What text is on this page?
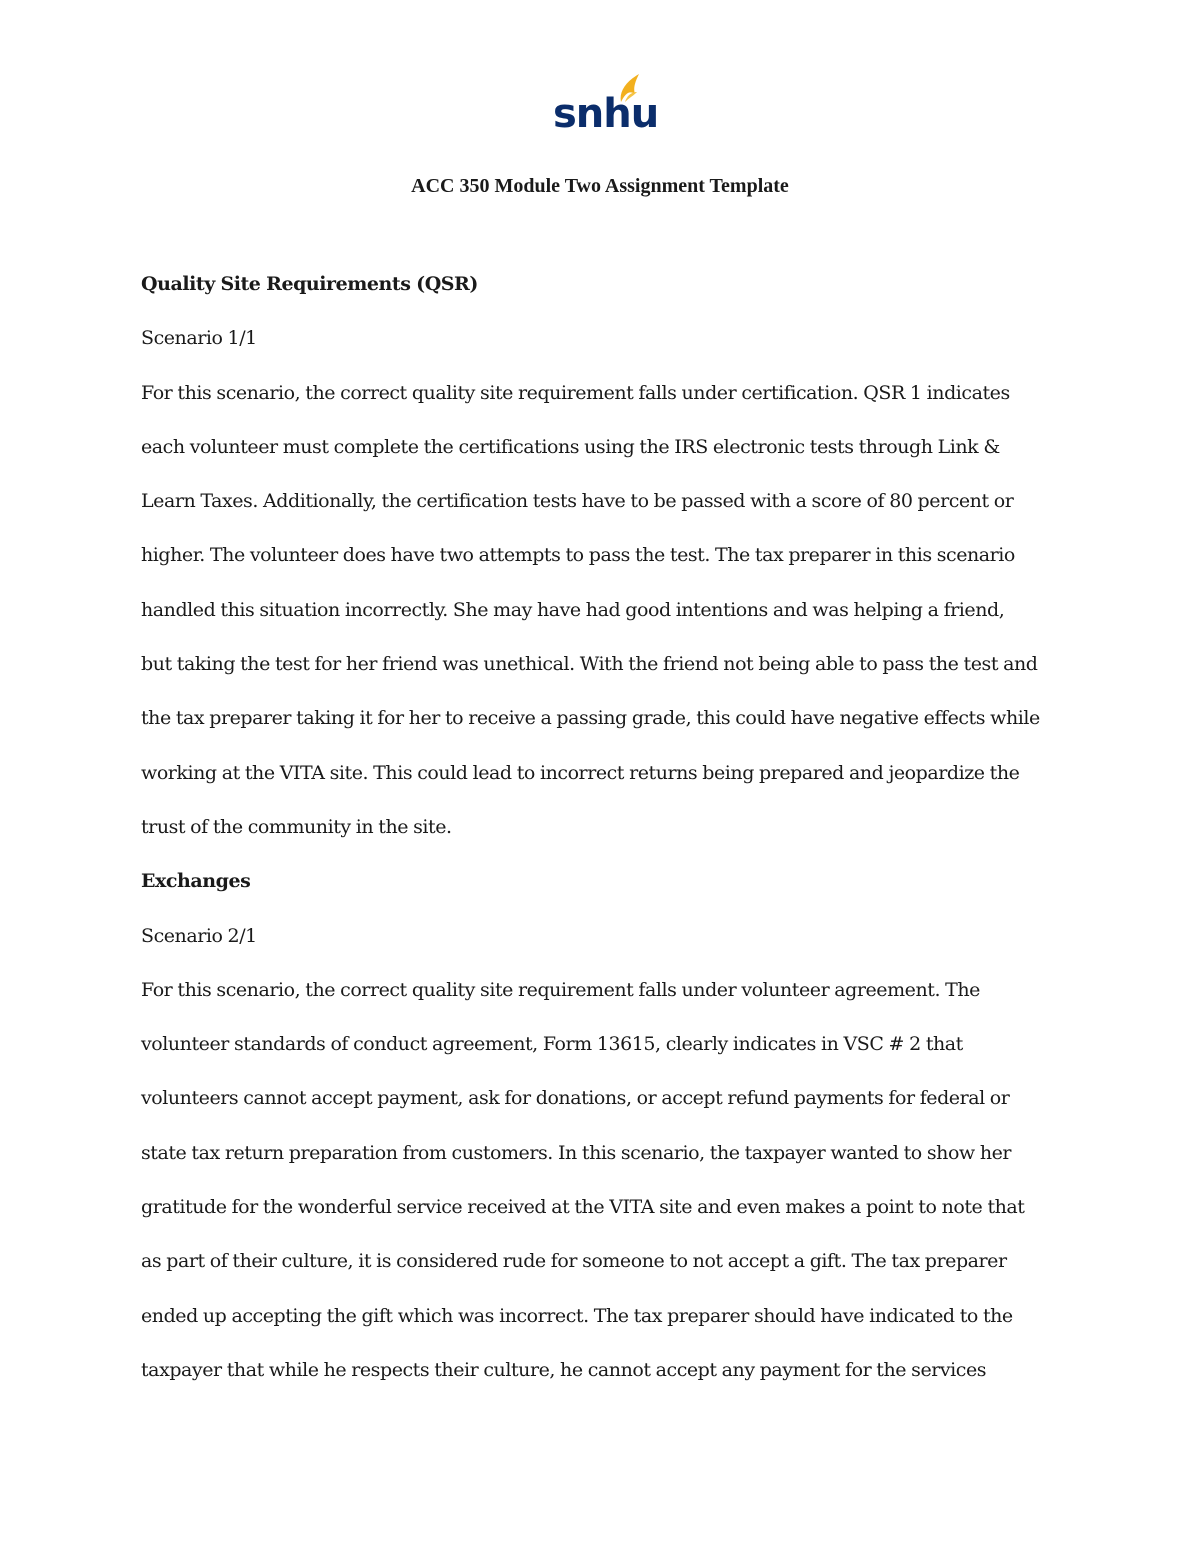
snhu
ACC 350 Module Two Assignment Template
Quality Site Requirements (QSR)
Scenario 1/1
For this scenario, the correct quality site requirement falls under certification. QSR 1 indicates
each volunteer must complete the certifications using the IRS electronic tests through Link &
Learn Taxes. Additionally, the certification tests have to be passed with a score of 80 percent or
higher. The volunteer does have two attempts to pass the test. The tax preparer in this scenario
handled this situation incorrectly. She may have had good intentions and was helping a friend,
but taking the test for her friend was unethical. With the friend not being able to pass the test and
the tax preparer taking it for her to receive a passing grade, this could have negative effects while
working at the VITA site. This could lead to incorrect returns being prepared and jeopardize the
trust of the community in the site.
Exchanges
Scenario 2/1
For this scenario, the correct quality site requirement falls under volunteer agreement. The
volunteer standards of conduct agreement, Form 13615, clearly indicates in VSC # 2 that
volunteers cannot accept payment, ask for donations, or accept refund payments for federal or
state tax return preparation from customers. In this scenario, the taxpayer wanted to show her
gratitude for the wonderful service received at the VITA site and even makes a point to note that
as part of their culture, it is considered rude for someone to not accept a gift. The tax preparer
ended up accepting the gift which was incorrect. The tax preparer should have indicated to the
taxpayer that while he respects their culture, he cannot accept any payment for the services
